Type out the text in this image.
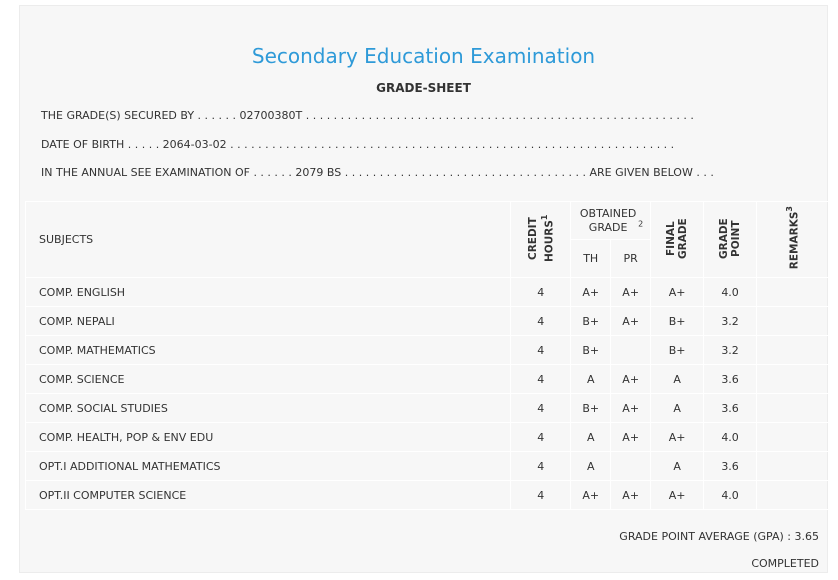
Secondary Education Examination
GRADE-SHEET
THE GRADE(S) SECURED BY . . . . . . 02700380T . . . . . . . . . . . . . . . . . . . . . . . . . . . . . . . . . . . . . . . . . . . . . . . . . . . . . . . .
DATE OF BIRTH . . . . . 2064-03-02 . . . . . . . . . . . . . . . . . . . . . . . . . . . . . . . . . . . . . . . . . . . . . . . . . . . . . . . . . . . . . . . .
IN THE ANNUAL SEE EXAMINATION OF . . . . . . 2079 BS . . . . . . . . . . . . . . . . . . . . . . . . . . . . . . . . . . . ARE GIVEN BELOW . . .
SUBJECTS	CREDIT HOURS$^1$	OBTAINED GRADE $^2$		FINAL GRADE	GRADE POINT	REMARKS$^3$
		TH	PR			
COMP. ENGLISH	4	A+	A+	A+	4.0	
COMP. NEPALI	4	B+	A+	B+	3.2	
COMP. MATHEMATICS	4	B+		B+	3.2	
COMP. SCIENCE	4	A	A+	A	3.6	
COMP. SOCIAL STUDIES	4	B+	A+	A	3.6	
COMP. HEALTH, POP & ENV EDU	4	A	A+	A+	4.0	
OPT.I ADDITIONAL MATHEMATICS	4	A		A	3.6	
OPT.II COMPUTER SCIENCE	4	A+	A+	A+	4.0	
GRADE POINT AVERAGE (GPA) : 3.65
COMPLETED
